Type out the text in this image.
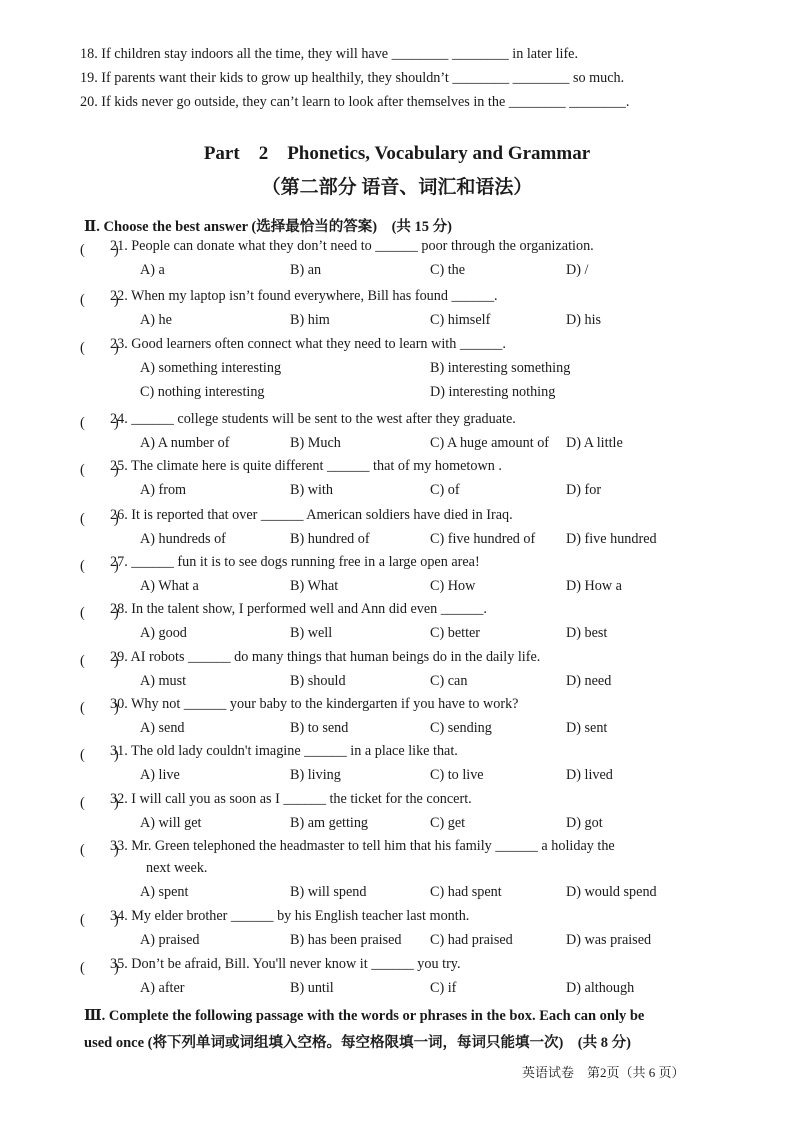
18. If children stay indoors all the time, they will have ________ ________ in later life.
19. If parents want their kids to grow up healthily, they shouldn’t ________ ________ so much.
20. If kids never go outside, they can’t learn to look after themselves in the ________ ________.
Part　2　Phonetics, Vocabulary and Grammar
（第二部分 语音、词汇和语法）
Ⅱ. Choose the best answer (选择最恰当的答案)　(共 15 分)
(　　)
21. People can donate what they don’t need to ______ poor through the organization.
A) a	B) an	C) the	D) /
(　　)
22. When my laptop isn’t found everywhere, Bill has found ______.
A) he	B) him	C) himself	D) his
(　　)
23. Good learners often connect what they need to learn with ______.
A) something interesting	B) interesting something
C) nothing interesting	D) interesting nothing
(　　)
24. ______ college students will be sent to the west after they graduate.
A) A number of	B) Much	C) A huge amount of D) A little
(　　)
25. The climate here is quite different ______ that of my hometown .
A) from	B) with	C) of	D) for
(　　)
26. It is reported that over ______ American soldiers have died in Iraq.
A) hundreds of	B) hundred of	C) five hundred of D) five hundred
(　　)
27. ______ fun it is to see dogs running free in a large open area!
A) What a	B) What	C) How	D) How a
(　　)
28. In the talent show, I performed well and Ann did even ______.
A) good	B) well	C) better	D) best
(　　)
29. AI robots ______ do many things that human beings do in the daily life.
A) must	B) should	C) can	D) need
(　　)
30. Why not ______ your baby to the kindergarten if you have to work?
A) send	B) to send	C) sending	D) sent
(　　)
31. The old lady couldn't imagine ______ in a place like that.
A) live	B) living	C) to live	D) lived
(　　)
32. I will call you as soon as I ______ the ticket for the concert.
A) will get	B) am getting	C) get	D) got
(　　)
33. Mr. Green telephoned the headmaster to tell him that his family ______ a holiday the
next week.
A) spent	B) will spend	C) had spent	D) would spend
(　　)
34. My elder brother ______ by his English teacher last month.
A) praised	B) has been praised C) had praised	D) was praised
(　　)
35. Don’t be afraid, Bill. You'll never know it ______ you try.
A) after	B) until	C) if	D) although
Ⅲ. Complete the following passage with the words or phrases in the box. Each can only be
used once (将下列单词或词组填入空格。每空格限填一词，每词只能填一次)　(共 8 分)
英语试卷　第2页（共 6 页）
